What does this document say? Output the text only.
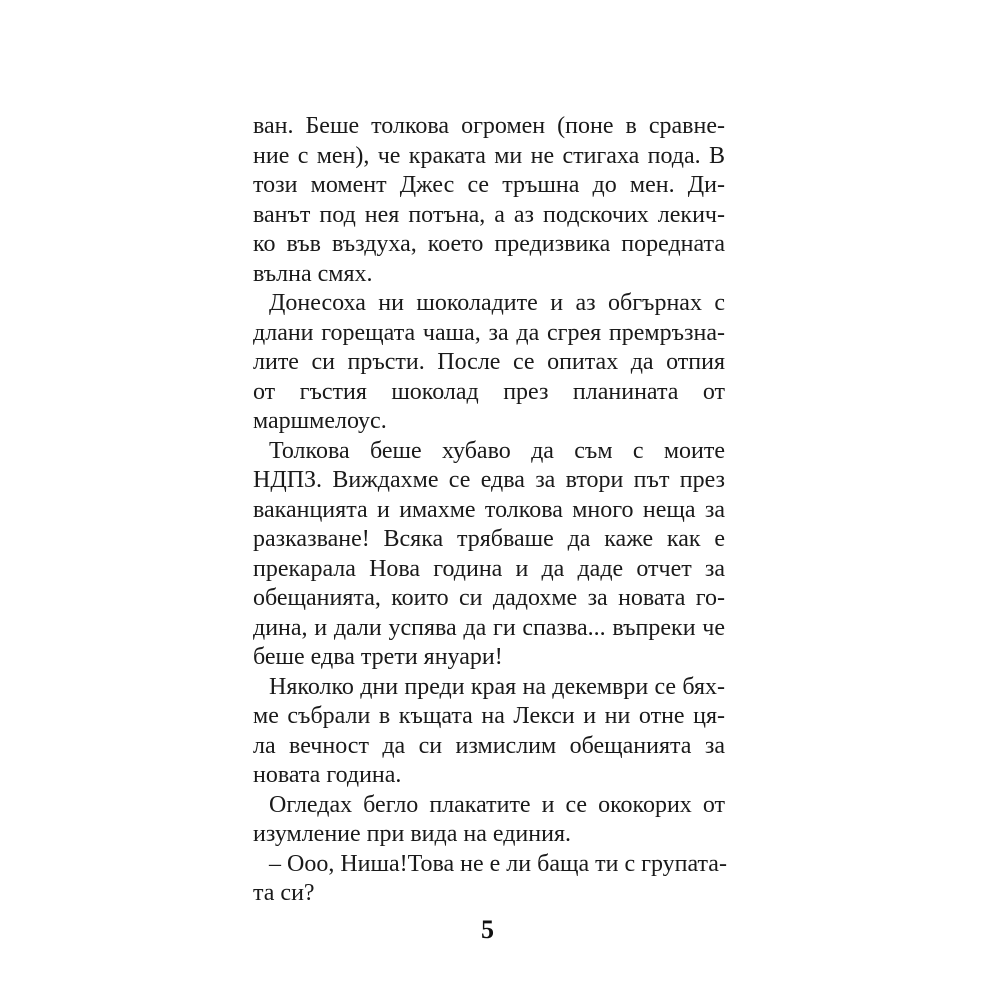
ван. Беше толкова огромен (поне в сравне-
ние с мен), че краката ми не стигаха пода. В
този момент Джес се тръшна до мен. Ди-
ванът под нея потъна, а аз подскочих лекич-
ко във въздуха, което предизвика поредната
вълна смях.
Донесоха ни шоколадите и аз обгърнах с
длани горещата чаша, за да сгрея премръзна-
лите си пръсти. После се опитах да отпия
от гъстия шоколад през планината от
маршмелоус.
Толкова беше хубаво да съм с моите
НДПЗ. Виждахме се едва за втори път през
ваканцията и имахме толкова много неща за
разказване! Всяка трябваше да каже как е
прекарала Нова година и да даде отчет за
обещанията, които си дадохме за новата го-
дина, и дали успява да ги спазва... въпреки че
беше едва трети януари!
Няколко дни преди края на декември се бях-
ме събрали в къщата на Лекси и ни отне ця-
ла вечност да си измислим обещанията за
новата година.
Огледах бегло плакатите и се ококорих от
изумление при вида на единия.
– Ооо, Ниша!Това не е ли баща ти с групата-
та си?
5
